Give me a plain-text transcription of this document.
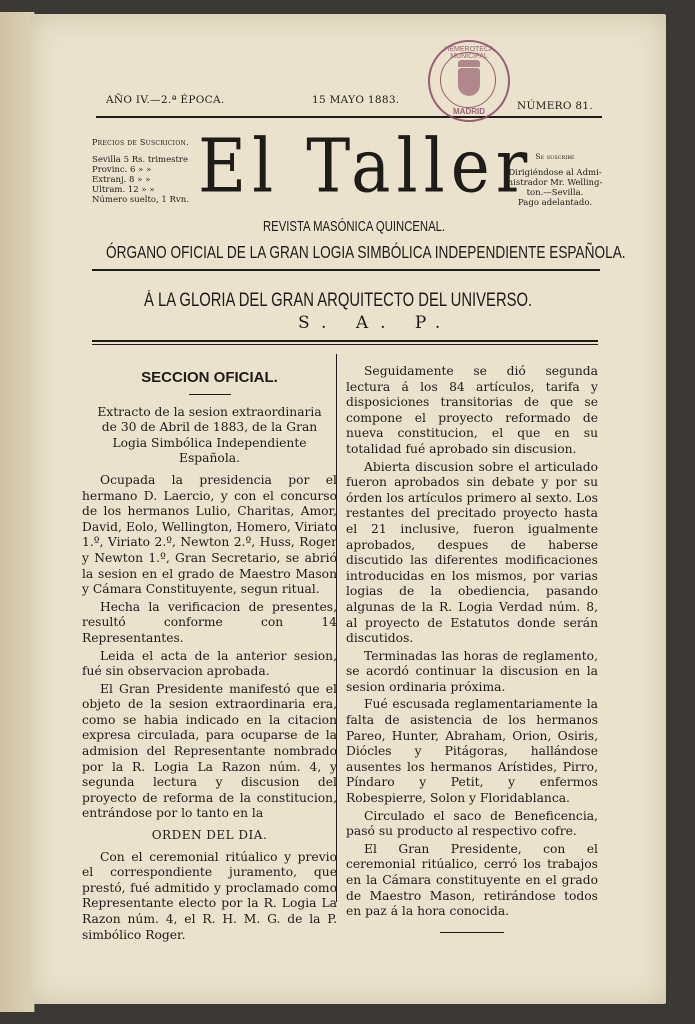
AÑO IV.—2.ª ÉPOCA.	15 MAYO 1883.	NÚMERO 81.
HEMEROTECA MUNICIPAL
MADRID
Precios de Suscricion.
Sevilla 5 Rs. trimestre
Provinc. 6 » »
Extranj. 8 » »
Ultram. 12 » »
Número suelto, 1 Rvn. El Taller Se suscribe
Dirigiéndose al Admi-
nistrador Mr. Welling-
ton.—Sevilla.
Pago adelantado.
REVISTA MASÓNICA QUINCENAL.
ÓRGANO OFICIAL DE LA GRAN LOGIA SIMBÓLICA INDEPENDIENTE ESPAÑOLA.
Á LA GLORIA DEL GRAN ARQUITECTO DEL UNIVERSO.
S. A. P.
SECCION OFICIAL.
Extracto de la sesion extraordinaria de 30 de Abril de 1883, de la Gran Logia Simbólica Independiente Española.

Ocupada la presidencia por el hermano D. Laercio, y con el concurso de los hermanos Lulio, Charitas, Amor, David, Eolo, Wellington, Homero, Viriato 1.º, Viriato 2.º, Newton 2.º, Huss, Roger y Newton 1.º, Gran Secretario, se abrió la sesion en el grado de Maestro Mason y Cámara Constituyente, segun ritual.

Hecha la verificacion de presentes, resultó conforme con 14 Representantes.

Leida el acta de la anterior sesion, fué sin observacion aprobada.

El Gran Presidente manifestó que el objeto de la sesion extraordinaria era, como se habia indicado en la citacion expresa circulada, para ocuparse de la admision del Representante nombrado por la R. Logia La Razon núm. 4, y segunda lectura y discusion del proyecto de reforma de la constitucion, entrándose por lo tanto en la

ORDEN DEL DIA.

Con el ceremonial ritúalico y previo el correspondiente juramento, que prestó, fué admitido y proclamado como Representante electo por la R. Logia La Razon núm. 4, el R. H. M. G. de la P. simbólico Roger.

Seguidamente se dió segunda lectura á los 84 artículos, tarifa y disposiciones transitorias de que se compone el proyecto reformado de nueva constitucion, el que en su totalidad fué aprobado sin discusion.

Abierta discusion sobre el articulado fueron aprobados sin debate y por su órden los artículos primero al sexto. Los restantes del precitado proyecto hasta el 21 inclusive, fueron igualmente aprobados, despues de haberse discutido las diferentes modificaciones introducidas en los mismos, por varias logias de la obediencia, pasando algunas de la R. Logia Verdad núm. 8, al proyecto de Estatutos donde serán discutidos.

Terminadas las horas de reglamento, se acordó continuar la discusion en la sesion ordinaria próxima.

Fué escusada reglamentariamente la falta de asistencia de los hermanos Pareo, Hunter, Abraham, Orion, Osiris, Diócles y Pitágoras, hallándose ausentes los hermanos Arístides, Pirro, Píndaro y Petit, y enfermos Robespierre, Solon y Floridablanca.

Circulado el saco de Beneficencia, pasó su producto al respectivo cofre.

El Gran Presidente, con el ceremonial ritúalico, cerró los trabajos en la Cámara constituyente en el grado de Maestro Mason, retirándose todos en paz á la hora conocida.
